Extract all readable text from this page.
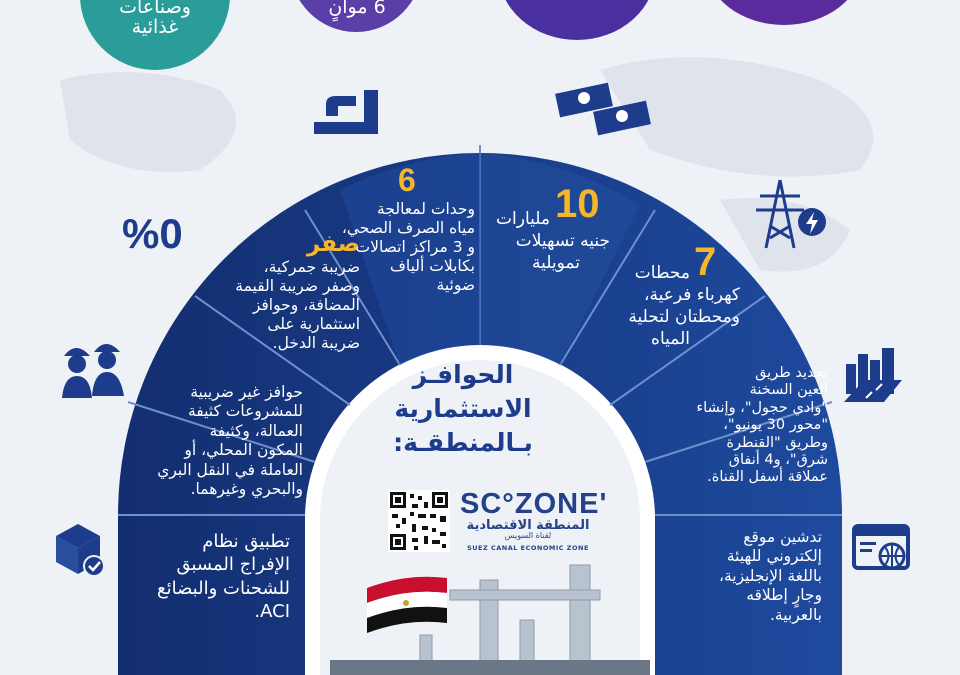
وصناعات
غذائية
6 موانٍ
تطبيق نظام
الإفراج المسبق
للشحنات والبضائع
ACI.
حوافز غير ضريبية
للمشروعات كثيفة
العمالة، وكثيفة
المكون المحلي، أو
العاملة في النقل البري
والبحري وغيرهما.
صفر
ضريبة جمركية،
وصفر ضريبة القيمة
المضافة، وحوافز
استثمارية على
ضريبة الدخل.
6
وحدات لمعالجة
مياه الصرف الصحي،
و 3 مراكز اتصالات
بكابلات ألياف
ضوئية
10
مليارات
جنيه تسهيلات
تمويلية	7
محطات
كهرباء فرعية،
ومحطتان لتحلية
المياه
تجديد طريق
العين السخنة
"وادي حجول"، وإنشاء
"محور 30 يونيو"،
وطريق "القنطرة
شرق"، و4 أنفاق
عملاقة أسفل القناة.
تدشين موقع
إلكتروني للهيئة
باللغة الإنجليزية،
وجارٍ إطلاقه
بالعربية.
الحوافـز
الاستثمارية
بـالمنطقـة:
SC°ZONE'
المنطقة الاقتصادية
لقناة السويس
SUEZ CANAL ECONOMIC ZONE
%0
